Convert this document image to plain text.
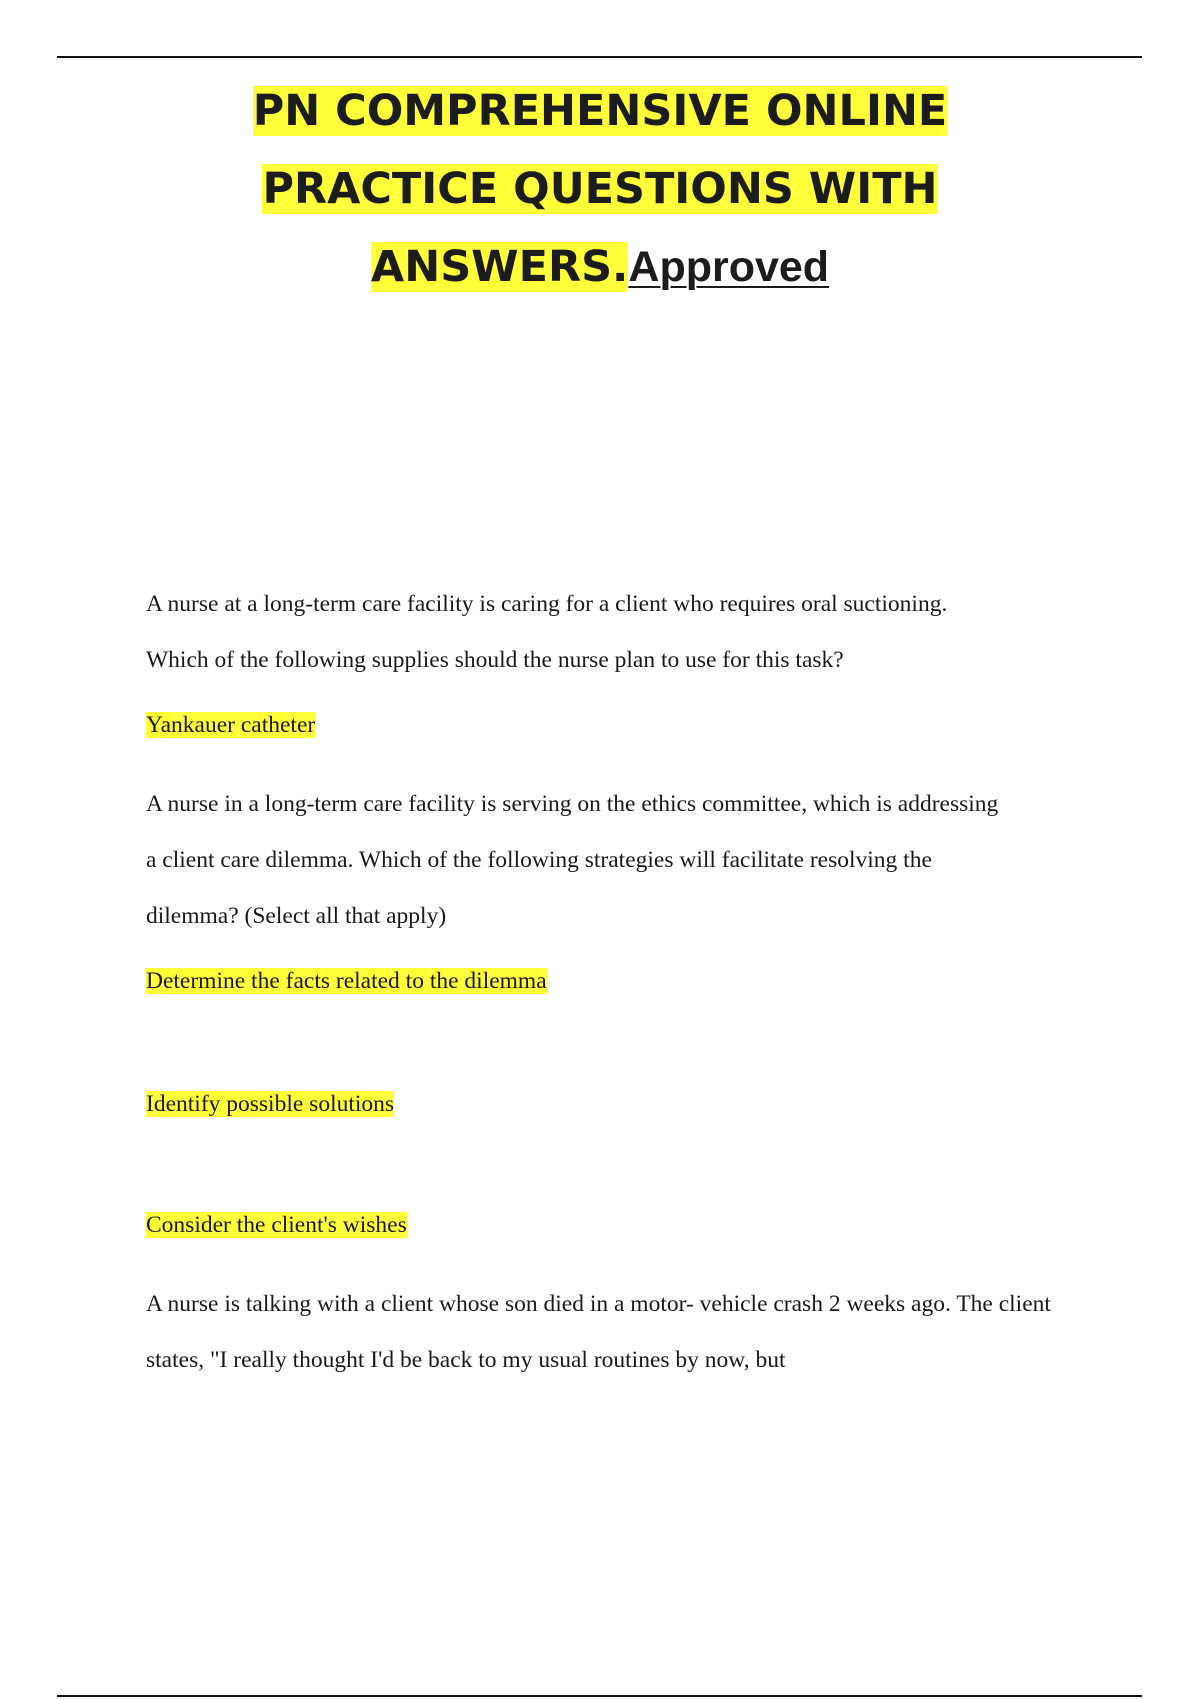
PN COMPREHENSIVE ONLINE
PRACTICE QUESTIONS WITH
ANSWERS.Approved

A nurse at a long-term care facility is caring for a client who requires oral suctioning. Which of the following supplies should the nurse plan to use for this task?

Yankauer catheter

A nurse in a long-term care facility is serving on the ethics committee, which is addressing a client care dilemma. Which of the following strategies will facilitate resolving the dilemma? (Select all that apply)

Determine the facts related to the dilemma

Identify possible solutions

Consider the client's wishes

A nurse is talking with a client whose son died in a motor- vehicle crash 2 weeks ago. The client states, "I really thought I'd be back to my usual routines by now, but
